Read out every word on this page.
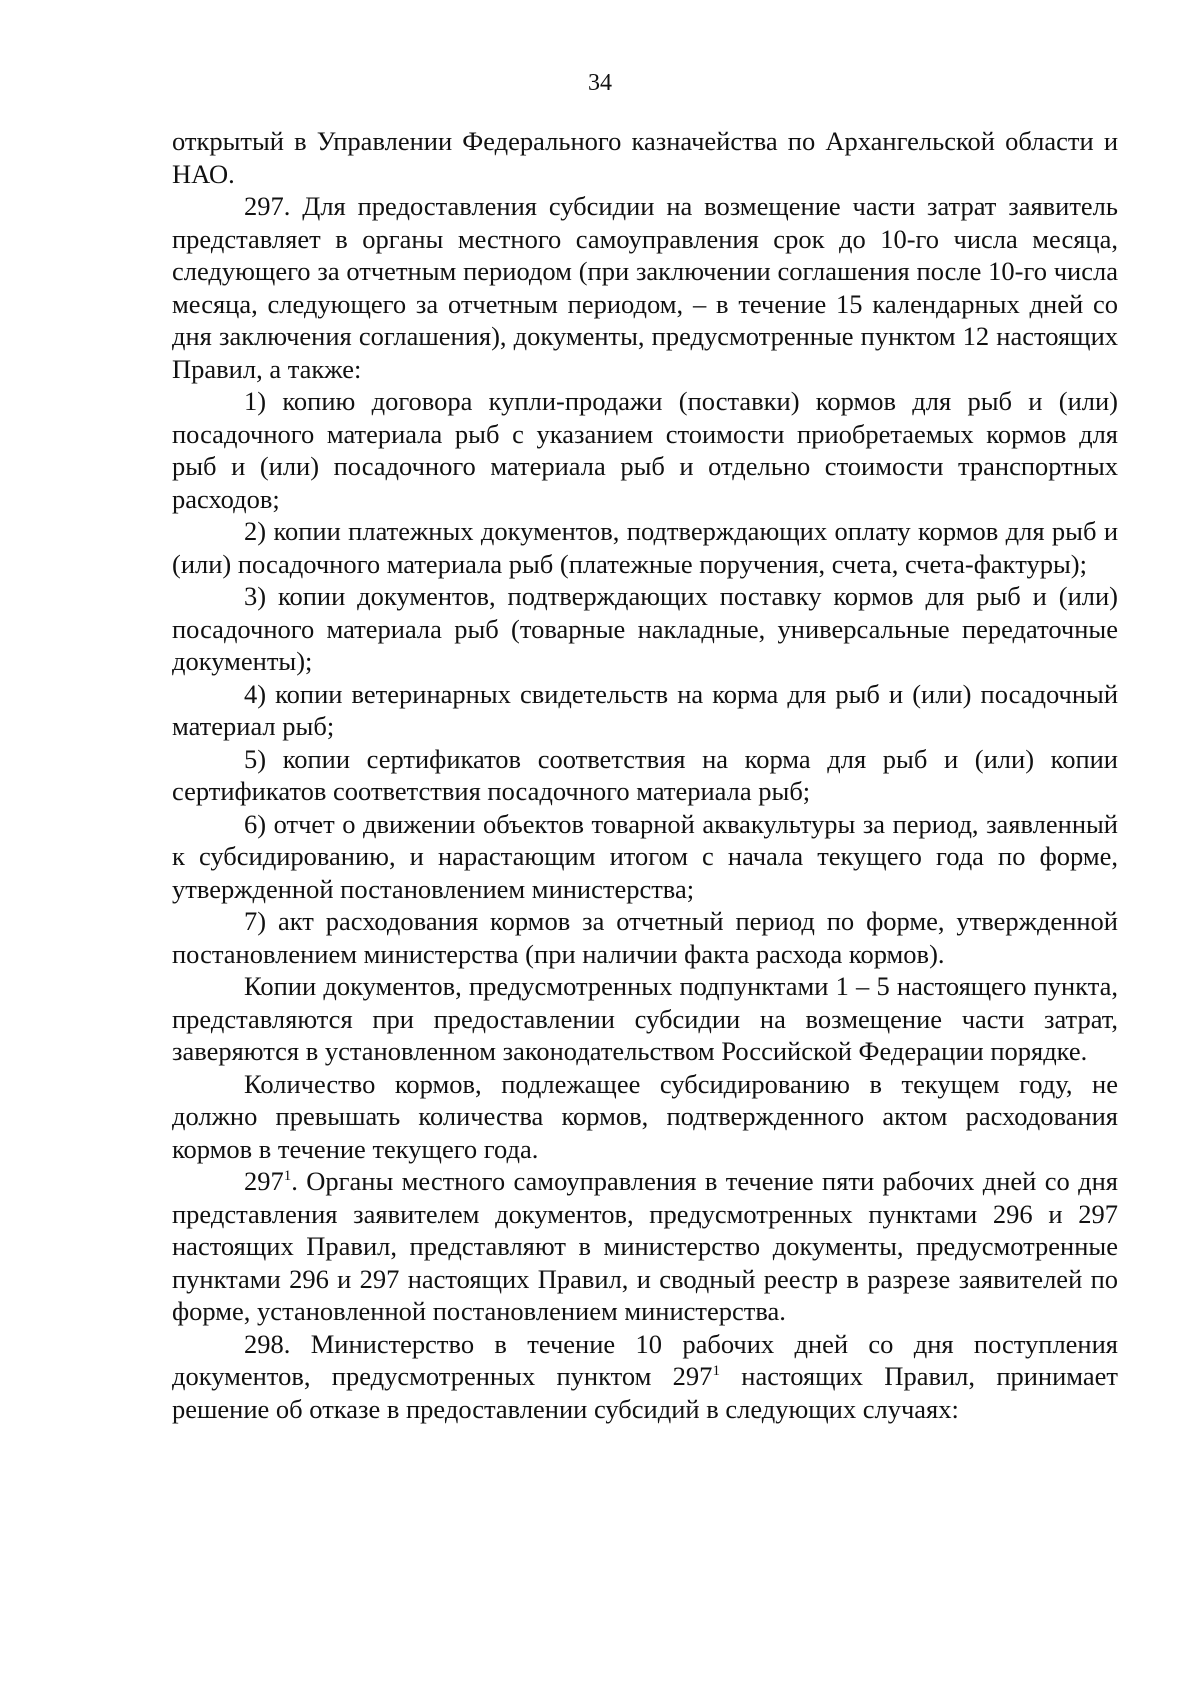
34

открытый в Управлении Федерального казначейства по Архангельской области и НАО.

297. Для предоставления субсидии на возмещение части затрат заявитель представляет в органы местного самоуправления срок до 10-го числа месяца, следующего за отчетным периодом (при заключении соглашения после 10-го числа месяца, следующего за отчетным периодом, – в течение 15 календарных дней со дня заключения соглашения), документы, предусмотренные пунктом 12 настоящих Правил, а также:

1) копию договора купли-продажи (поставки) кормов для рыб и (или) посадочного материала рыб с указанием стоимости приобретаемых кормов для рыб и (или) посадочного материала рыб и отдельно стоимости транспортных расходов;

2) копии платежных документов, подтверждающих оплату кормов для рыб и (или) посадочного материала рыб (платежные поручения, счета, счета-фактуры);

3) копии документов, подтверждающих поставку кормов для рыб и (или) посадочного материала рыб (товарные накладные, универсальные передаточные документы);

4) копии ветеринарных свидетельств на корма для рыб и (или) посадочный материал рыб;

5) копии сертификатов соответствия на корма для рыб и (или) копии сертификатов соответствия посадочного материала рыб;

6) отчет о движении объектов товарной аквакультуры за период, заявленный к субсидированию, и нарастающим итогом с начала текущего года по форме, утвержденной постановлением министерства;

7) акт расходования кормов за отчетный период по форме, утвержденной постановлением министерства (при наличии факта расхода кормов).

Копии документов, предусмотренных подпунктами 1 – 5 настоящего пункта, представляются при предоставлении субсидии на возмещение части затрат, заверяются в установленном законодательством Российской Федерации порядке.

Количество кормов, подлежащее субсидированию в текущем году, не должно превышать количества кормов, подтвержденного актом расходования кормов в течение текущего года.

$297^1$. Органы местного самоуправления в течение пяти рабочих дней со дня представления заявителем документов, предусмотренных пунктами 296 и 297 настоящих Правил, представляют в министерство документы, предусмотренные пунктами 296 и 297 настоящих Правил, и сводный реестр в разрезе заявителей по форме, установленной постановлением министерства.

298. Министерство в течение 10 рабочих дней со дня поступления документов, предусмотренных пунктом $297^1$ настоящих Правил, принимает решение об отказе в предоставлении субсидий в следующих случаях:
